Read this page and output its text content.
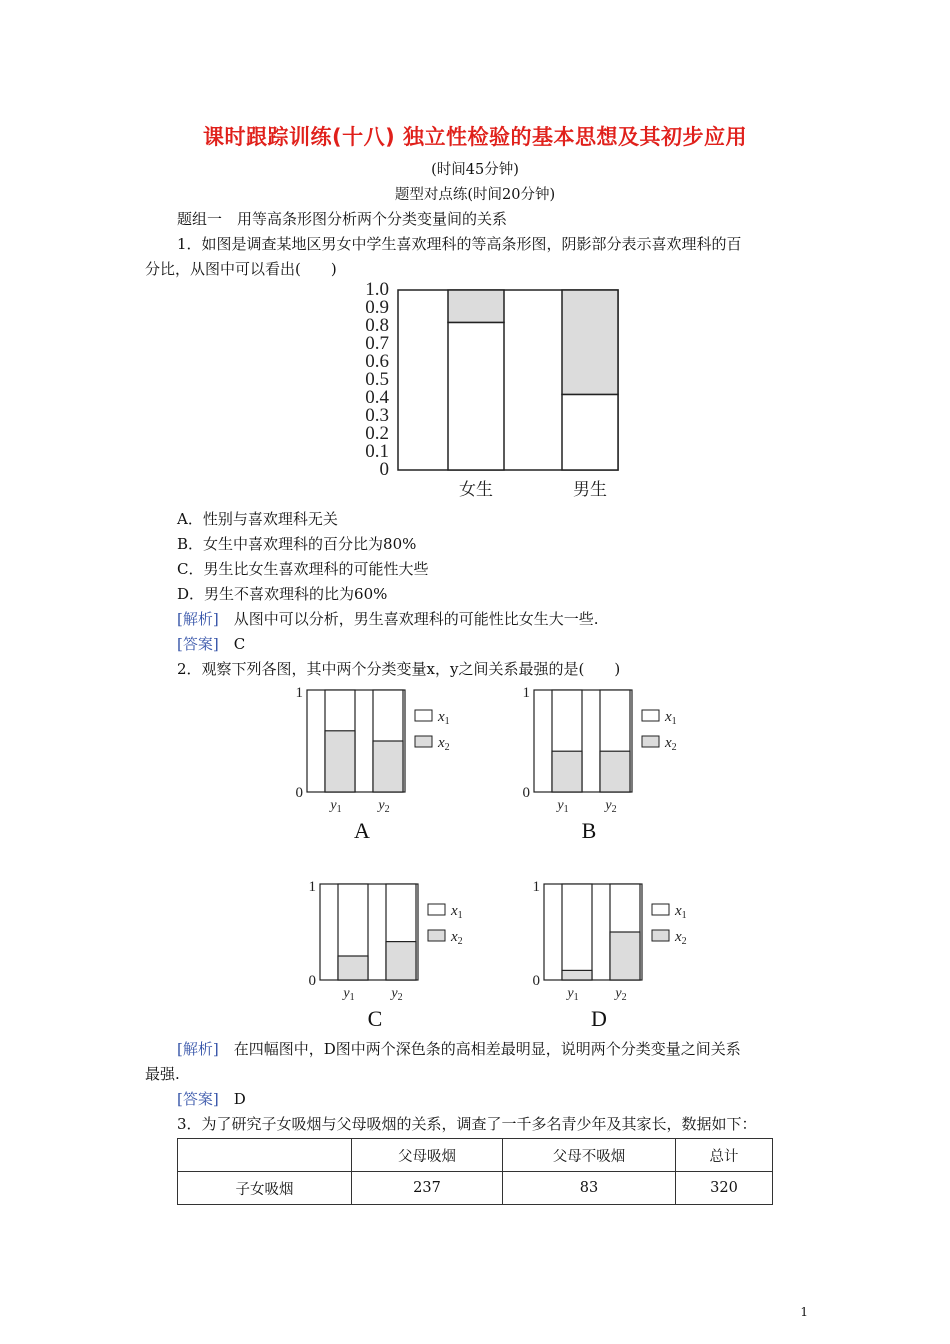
课时跟踪训练(十八) 独立性检验的基本思想及其初步应用
(时间45分钟)
题型对点练(时间20分钟)
题组一　用等高条形图分析两个分类变量间的关系
1．如图是调查某地区男女中学生喜欢理科的等高条形图，阴影部分表示喜欢理科的百
分比，从图中可以看出(　　)
0
0.1
0.2
0.3
0.4
0.5
0.6
0.7
0.8
0.9
1.0
女生	男生
A．性别与喜欢理科无关
B．女生中喜欢理科的百分比为80%
C．男生比女生喜欢理科的可能性大些
D．男生不喜欢理科的比为60%
[解析]　 从图中可以分析，男生喜欢理科的可能性比女生大一些.
[答案]　 C
2．观察下列各图，其中两个分类变量x，y之间关系最强的是(　　)
1
0
$y_1$	$y_2$
$x_1$
$x_2$
A
1
0
$y_1$	$y_2$
$x_1$
$x_2$
B
1
0
$y_1$	$y_2$
$x_1$
$x_2$
C
1
0
$y_1$	$y_2$
$x_1$
$x_2$
D
[解析]　 在四幅图中，D图中两个深色条的高相差最明显，说明两个分类变量之间关系
最强.
[答案]　 D
3．为了研究子女吸烟与父母吸烟的关系，调查了一千多名青少年及其家长，数据如下：
	父母吸烟	父母不吸烟	总计
子女吸烟	237	83	320
1
